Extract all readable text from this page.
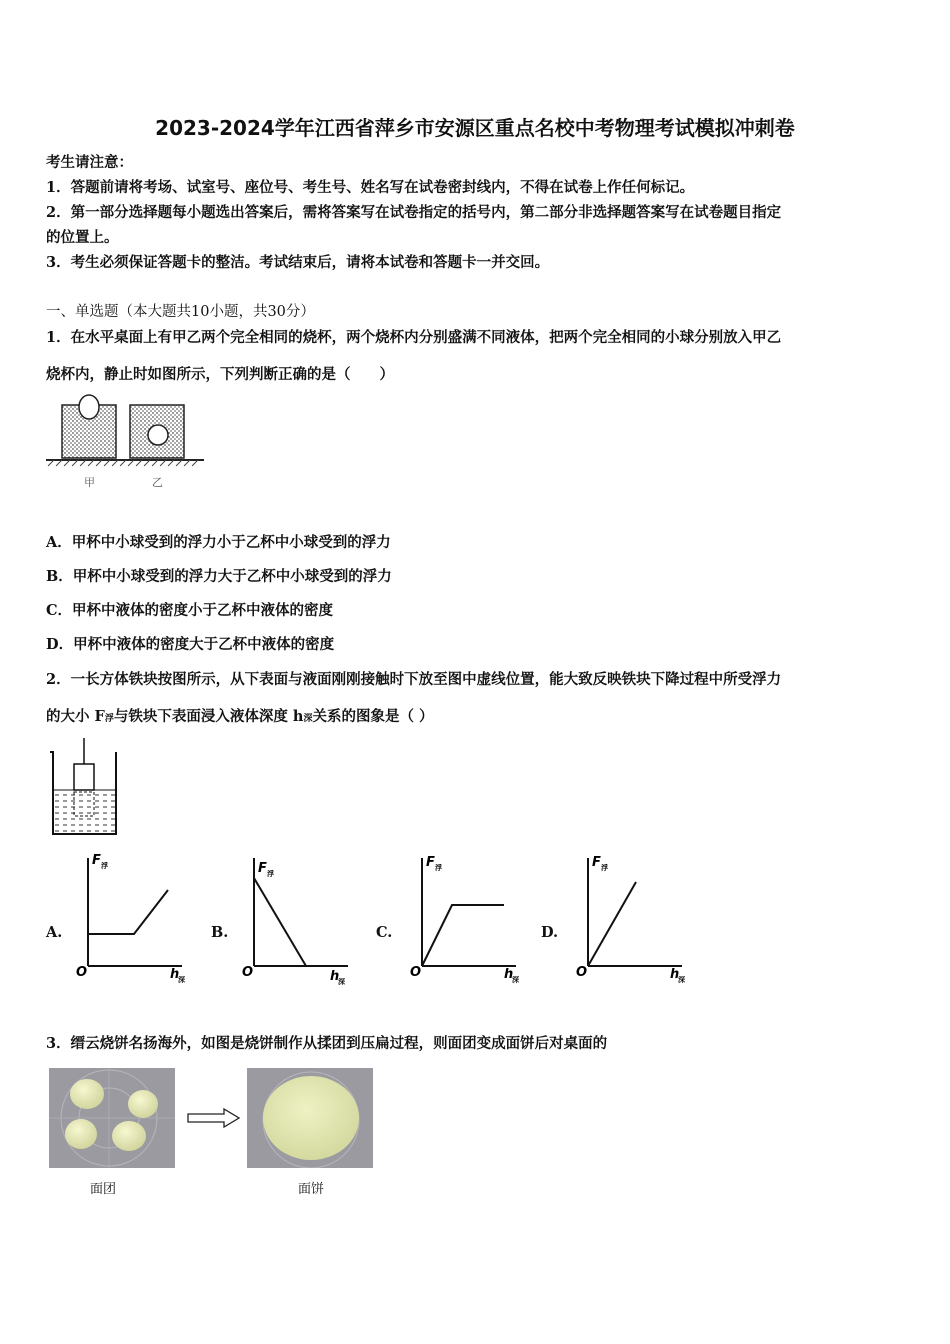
2023-2024学年江西省萍乡市安源区重点名校中考物理考试模拟冲刺卷
考生请注意：
1．答题前请将考场、试室号、座位号、考生号、姓名写在试卷密封线内，不得在试卷上作任何标记。
2．第一部分选择题每小题选出答案后，需将答案写在试卷指定的括号内，第二部分非选择题答案写在试卷题目指定
的位置上。
3．考生必须保证答题卡的整洁。考试结束后，请将本试卷和答题卡一并交回。
一、单选题（本大题共10小题，共30分）
1．在水平桌面上有甲乙两个完全相同的烧杯，两个烧杯内分别盛满不同液体，把两个完全相同的小球分别放入甲乙
烧杯内，静止时如图所示，下列判断正确的是（　　）
甲	乙
A．甲杯中小球受到的浮力小于乙杯中小球受到的浮力
B．甲杯中小球受到的浮力大于乙杯中小球受到的浮力
C．甲杯中液体的密度小于乙杯中液体的密度
D．甲杯中液体的密度大于乙杯中液体的密度
2．一长方体铁块按图所示，从下表面与液面刚刚接触时下放至图中虚线位置，能大致反映铁块下降过程中所受浮力
的大小 F浮与铁块下表面浸入液体深度 h深关系的图象是（ ）
A.
F 浮
O	h
深
B.
F 浮
O	h
深
C.
F 浮
O	h
深
D.
F 浮
O	h
深
3．缙云烧饼名扬海外，如图是烧饼制作从揉团到压扁过程，则面团变成面饼后对桌面的
面团	面饼
